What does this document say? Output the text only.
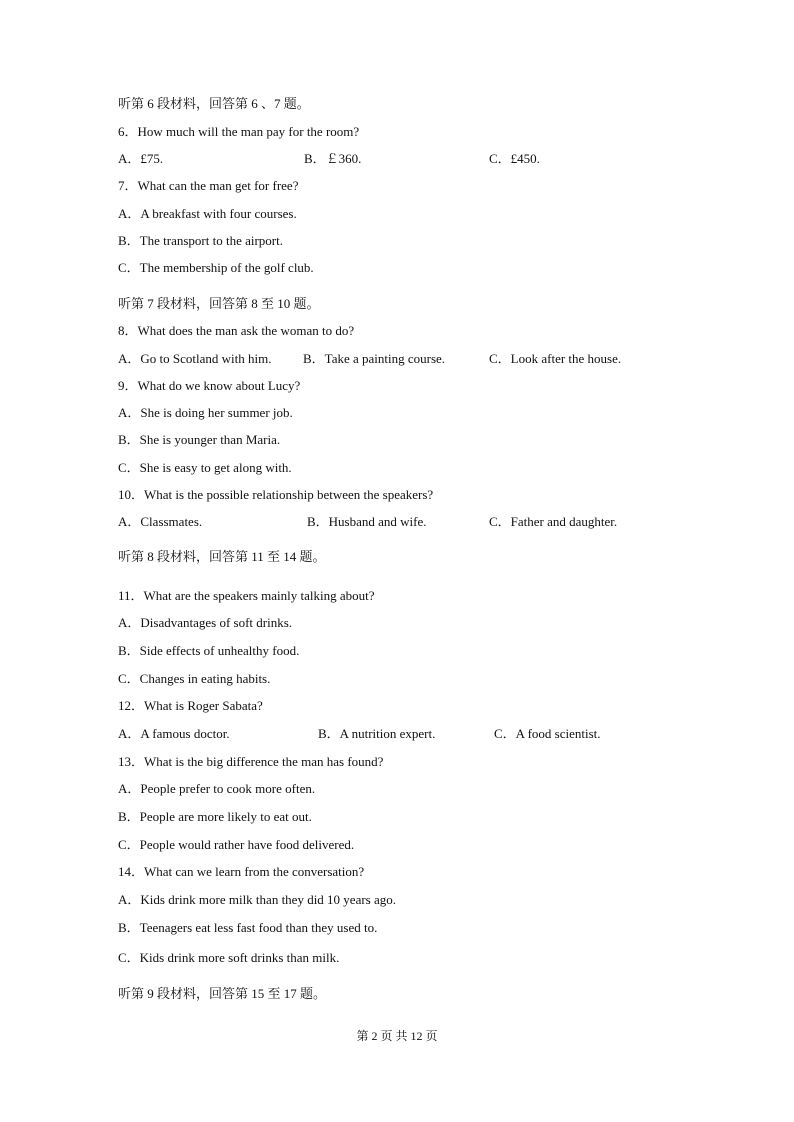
听第 6 段材料，回答第 6 、7 题。
6．How much will the man pay for the room?
A．£75.	B．￡360.	C．£450.
7．What can the man get for free?
A．A breakfast with four courses.
B．The transport to the airport.
C．The membership of the golf club.
听第 7 段材料，回答第 8 至 10 题。
8．What does the man ask the woman to do?
A．Go to Scotland with him. B．Take a painting course.	C．Look after the house.
9．What do we know about Lucy?
A．She is doing her summer job.
B．She is younger than Maria.
C．She is easy to get along with.
10．What is the possible relationship between the speakers?
A．Classmates.	B．Husband and wife.	C．Father and daughter.
听第 8 段材料，回答第 11 至 14 题。
11．What are the speakers mainly talking about?
A．Disadvantages of soft drinks.
B．Side effects of unhealthy food.
C．Changes in eating habits.
12．What is Roger Sabata?
A．A famous doctor.	B．A nutrition expert.	C．A food scientist.
13．What is the big difference the man has found?
A．People prefer to cook more often.
B．People are more likely to eat out.
C．People would rather have food delivered.
14．What can we learn from the conversation?
A．Kids drink more milk than they did 10 years ago.
B．Teenagers eat less fast food than they used to.
C．Kids drink more soft drinks than milk.
听第 9 段材料，回答第 15 至 17 题。
第 2 页 共 12 页
